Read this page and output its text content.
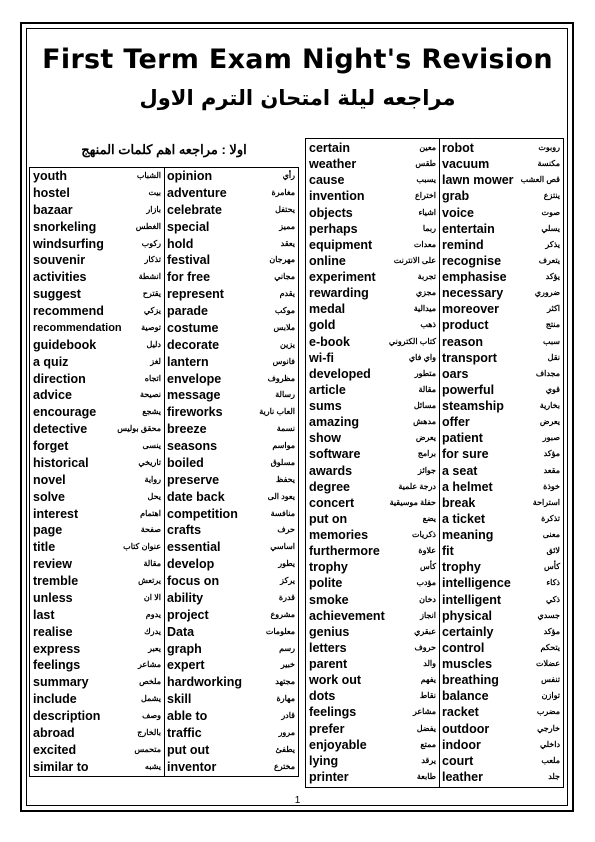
First Term Exam Night's Revision
مراجعه ليلة امتحان الترم الاول
اولا : مراجعه اهم كلمات المنهج
youth	الشباب
hostel	بيت
bazaar	بازار
snorkeling	الغطس
windsurfing	ركوب
souvenir	تذكار
activities	انشطة
suggest	يقترح
recommend	يزكي
recommendation توصية
guidebook	دليل
a quiz	لغز
direction	اتجاه
advice	نصيحة
encourage	يشجع
detective	محقق بوليس
forget	ينسى
historical	تاريخي
novel	رواية
solve	يحل
interest	اهتمام
page	صفحة
title	عنوان كتاب
review	مقالة
tremble	يرتعش
unless	الا ان
last	يدوم
realise	يدرك
express	يعبر
feelings	مشاعر
summary	ملخص
include	يشمل
description	وصف
abroad	بالخارج
excited	متحمس
similar to	يشبه
opinion	رأي
adventure	مغامرة
celebrate	يحتفل
special	مميز
hold	يعقد
festival	مهرجان
for free	مجاني
represent	يقدم
parade	موكب
costume	ملابس
decorate	يزين
lantern	فانوس
envelope	مظروف
message	رسالة
fireworks	العاب نارية
breeze	نسمة
seasons	مواسم
boiled	مسلوق
preserve	يحفظ
date back	يعود الى
competition	منافسة
crafts	حرف
essential	اساسي
develop	يطور
focus on	يركز
ability	قدرة
project	مشروع
Data	معلومات
graph	رسم
expert	خبير
hardworking	مجتهد
skill	مهارة
able to	قادر
traffic	مرور
put out	يطفئ
inventor	مخترع
certain	معين
weather	طقس
cause	يسبب
invention	اختراع
objects	اشياء
perhaps	ربما
equipment	معدات
online	على الانترنت
experiment	تجربة
rewarding	مجزي
medal	ميدالية
gold	ذهب
e-book	كتاب الكتروني
wi-fi	واي فاي
developed	متطور
article	مقالة
sums	مسائل
amazing	مدهش
show	يعرض
software	برامج
awards	جوائز
degree	درجة علمية
concert	حفلة موسيقية
put on	يضع
memories	ذكريات
furthermore	علاوة
trophy	كأس
polite	مؤدب
smoke	دخان
achievement	انجاز
genius	عبقري
letters	حروف
parent	والد
work out	يفهم
dots	نقاط
feelings	مشاعر
prefer	يفضل
enjoyable	ممتع
lying	يرقد
printer	طابعة
robot	روبوت
vacuum	مكنسة
lawn mower قص العشب
grab	ينتزع
voice	صوت
entertain	يسلي
remind	يذكر
recognise	يتعرف
emphasise	يؤكد
necessary	ضروري
moreover	اكثر
product	منتج
reason	سبب
transport	نقل
oars	مجداف
powerful	قوي
steamship	بخارية
offer	يعرض
patient	صبور
for sure	مؤكد
a seat	مقعد
a helmet	خوذة
break	استراحة
a ticket	تذكرة
meaning	معنى
fit	لائق
trophy	كأس
intelligence	ذكاء
intelligent	ذكي
physical	جسدي
certainly	مؤكد
control	يتحكم
muscles	عضلات
breathing	تنفس
balance	توازن
racket	مضرب
outdoor	خارجي
indoor	داخلي
court	ملعب
leather	جلد
1
